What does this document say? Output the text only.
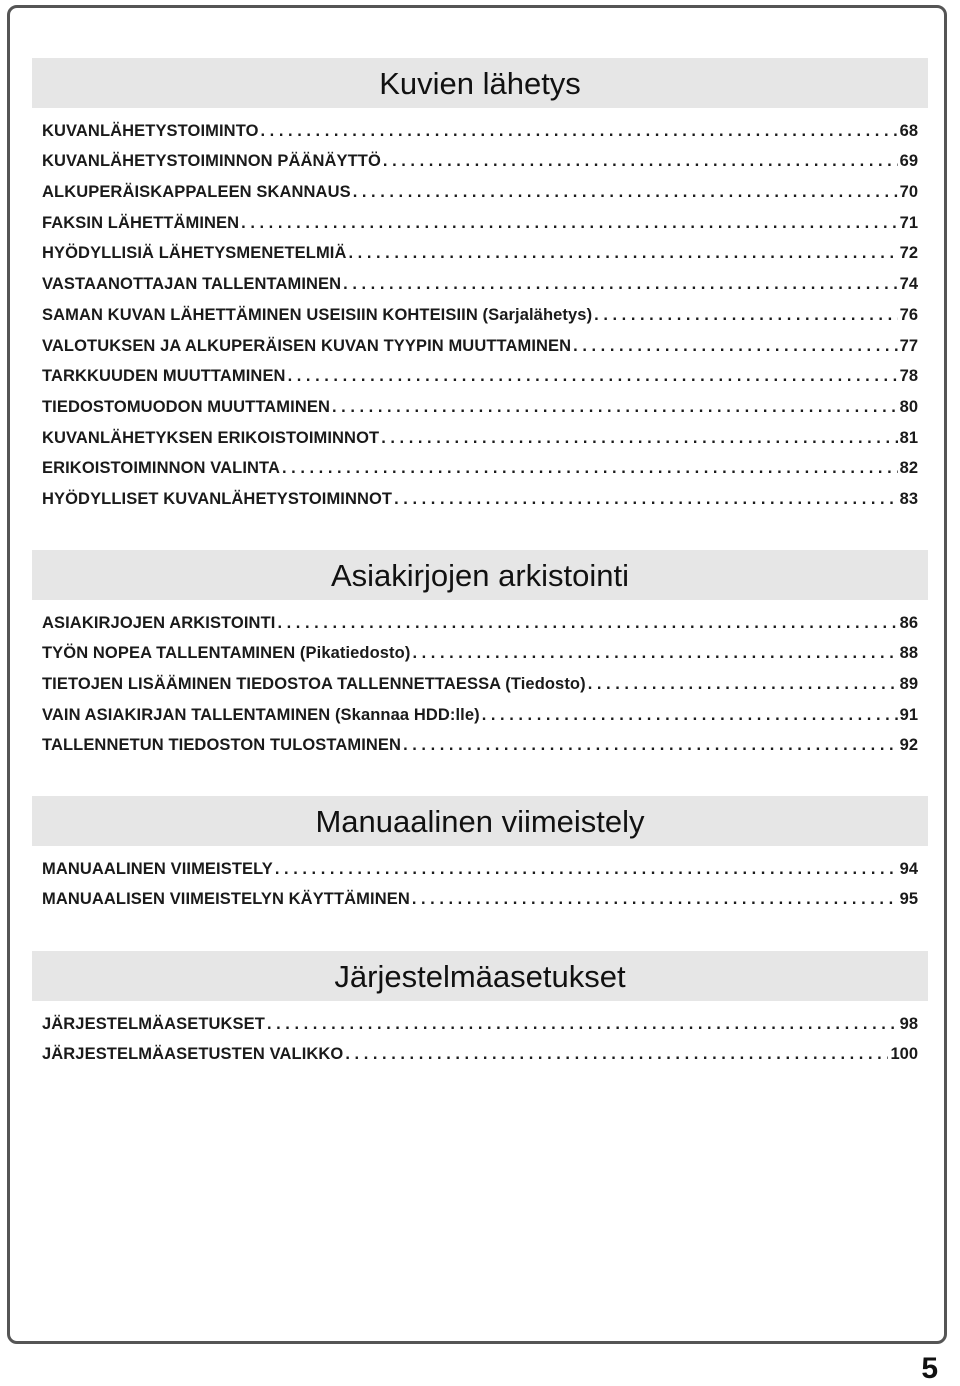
Kuvien lähetys
KUVANLÄHETYSTOIMINTO . . .	68
KUVANLÄHETYSTOIMINNON PÄÄNÄYTTÖ . . .	69
ALKUPERÄISKAPPALEEN SKANNAUS . . .	70
FAKSIN LÄHETTÄMINEN . . .	71
HYÖDYLLISIÄ LÄHETYSMENETELMIÄ . . .	72
VASTAANOTTAJAN TALLENTAMINEN . . .	74
SAMAN KUVAN LÄHETTÄMINEN USEISIIN KOHTEISIIN (Sarjalähetys) . . .	76
VALOTUKSEN JA ALKUPERÄISEN KUVAN TYYPIN MUUTTAMINEN . . .	77
TARKKUUDEN MUUTTAMINEN . . .	78
TIEDOSTOMUODON MUUTTAMINEN . . .	80
KUVANLÄHETYKSEN ERIKOISTOIMINNOT . . .	81
ERIKOISTOIMINNON VALINTA . . .	82
HYÖDYLLISET KUVANLÄHETYSTOIMINNOT . . .	83
Asiakirjojen arkistointi
ASIAKIRJOJEN ARKISTOINTI . . .	86
TYÖN NOPEA TALLENTAMINEN (Pikatiedosto) . . .	88
TIETOJEN LISÄÄMINEN TIEDOSTOA TALLENNETTAESSA (Tiedosto) . . .	89
VAIN ASIAKIRJAN TALLENTAMINEN (Skannaa HDD:lle) . . .	91
TALLENNETUN TIEDOSTON TULOSTAMINEN . . .	92
Manuaalinen viimeistely
MANUAALINEN VIIMEISTELY . . .	94
MANUAALISEN VIIMEISTELYN KÄYTTÄMINEN . . .	95
Järjestelmäasetukset
JÄRJESTELMÄASETUKSET . . .	98
JÄRJESTELMÄASETUSTEN VALIKKO . . .	100
5
